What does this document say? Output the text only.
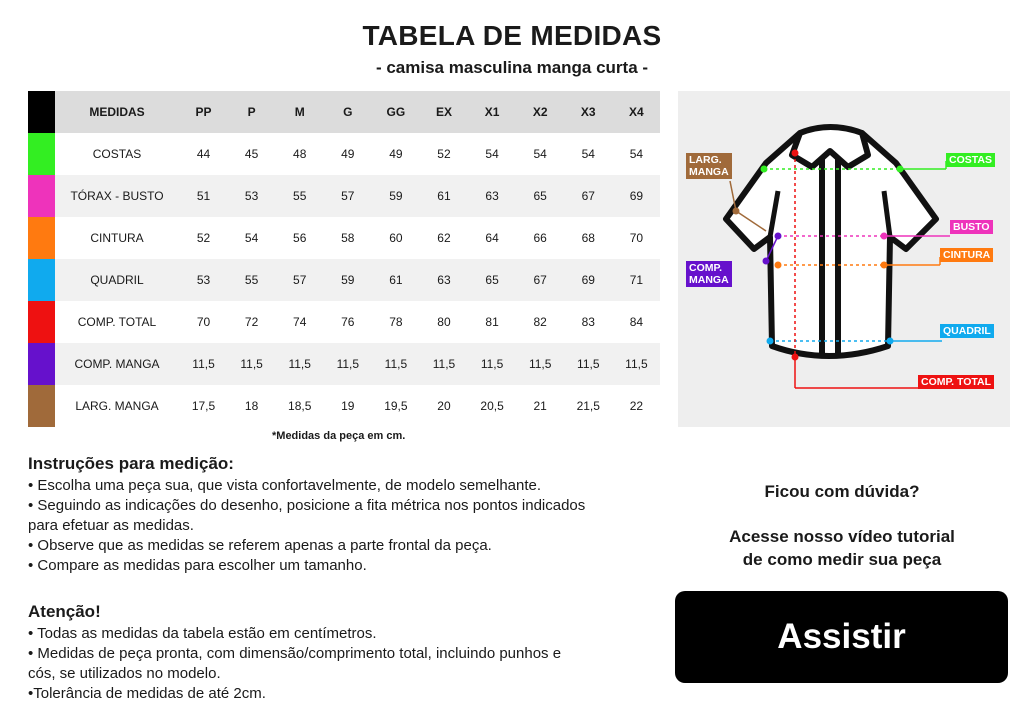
TABELA DE MEDIDAS
- camisa masculina manga curta -
	MEDIDAS	PP	P	M	G	GG	EX	X1	X2	X3	X4
	COSTAS	44	45	48	49	49	52	54	54	54	54
	TÓRAX - BUSTO	51	53	55	57	59	61	63	65	67	69
	CINTURA	52	54	56	58	60	62	64	66	68	70
	QUADRIL	53	55	57	59	61	63	65	67	69	71
	COMP. TOTAL	70	72	74	76	78	80	81	82	83	84
	COMP. MANGA	11,5	11,5	11,5	11,5	11,5	11,5	11,5	11,5	11,5	11,5
	LARG. MANGA	17,5	18	18,5	19	19,5	20	20,5	21	21,5	22
*Medidas da peça em cm.
Instruções para medição:

• Escolha uma peça sua, que vista confortavelmente, de modelo semelhante.

• Seguindo as indicações do desenho, posicione a fita métrica nos pontos indicados para efetuar as medidas.

• Observe que as medidas se referem apenas a parte frontal da peça.

• Compare as medidas para escolher um tamanho.

Atenção!

• Todas as medidas da tabela estão em centímetros.

• Medidas de peça pronta, com dimensão/comprimento total, incluindo punhos e cós, se utilizados no modelo.

•Tolerância de medidas de até 2cm.

LARG.
MANGA
COSTAS
BUSTO
CINTURA
COMP.
MANGA
QUADRIL
COMP. TOTAL
Ficou com dúvida?
Acesse nosso vídeo tutorial
de como medir sua peça
Assistir
